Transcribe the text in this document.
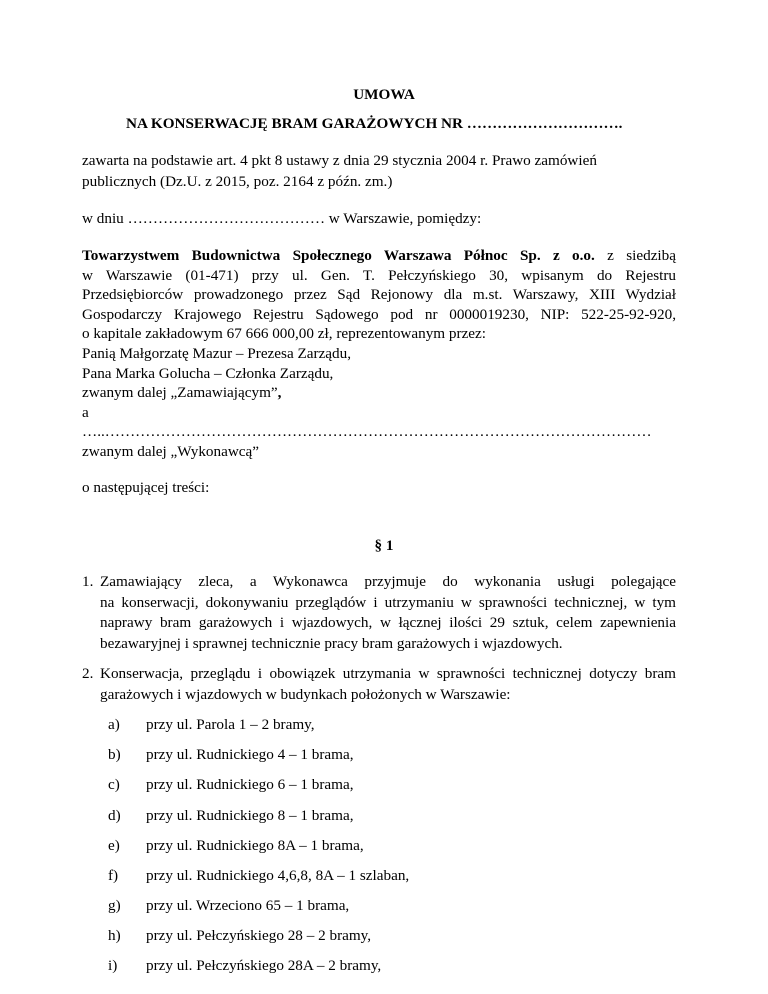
UMOWA
NA KONSERWACJĘ BRAM GARAŻOWYCH NR ………………………….
zawarta na podstawie art. 4 pkt 8 ustawy z dnia 29 stycznia 2004 r. Prawo zamówień
publicznych (Dz.U. z 2015, poz. 2164 z późn. zm.)
w dniu ………………………………… w Warszawie, pomiędzy:
Towarzystwem Budownictwa Społecznego Warszawa Północ Sp. z o.o. z siedzibą
w Warszawie (01-471) przy ul. Gen. T. Pełczyńskiego 30, wpisanym do Rejestru
Przedsiębiorców prowadzonego przez Sąd Rejonowy dla m.st. Warszawy, XIII Wydział
Gospodarczy Krajowego Rejestru Sądowego pod nr 0000019230, NIP: 522-25-92-920,
o kapitale zakładowym 67 666 000,00 zł, reprezentowanym przez:
Panią Małgorzatę Mazur – Prezesa Zarządu,
Pana Marka Golucha – Członka Zarządu,
zwanym dalej „Zamawiającym”,
a
…..………………………………………………………………………………………………
zwanym dalej „Wykonawcą”
o następującej treści:
§ 1
1. Zamawiający zleca, a Wykonawca przyjmuje do wykonania usługi polegające
na konserwacji, dokonywaniu przeglądów i utrzymaniu w sprawności technicznej, w tym
naprawy bram garażowych i wjazdowych, w łącznej ilości 29 sztuk, celem zapewnienia
bezawaryjnej i sprawnej technicznie pracy bram garażowych i wjazdowych.
2. Konserwacja, przeglądu i obowiązek utrzymania w sprawności technicznej dotyczy bram
garażowych i wjazdowych w budynkach położonych w Warszawie:
a) przy ul. Parola 1 – 2 bramy,
b) przy ul. Rudnickiego 4 – 1 brama,
c) przy ul. Rudnickiego 6 – 1 brama,
d) przy ul. Rudnickiego 8 – 1 brama,
e) przy ul. Rudnickiego 8A – 1 brama,
f) przy ul. Rudnickiego 4,6,8, 8A – 1 szlaban,
g) przy ul. Wrzeciono 65 – 1 brama,
h) przy ul. Pełczyńskiego 28 – 2 bramy,
i) przy ul. Pełczyńskiego 28A – 2 bramy,
